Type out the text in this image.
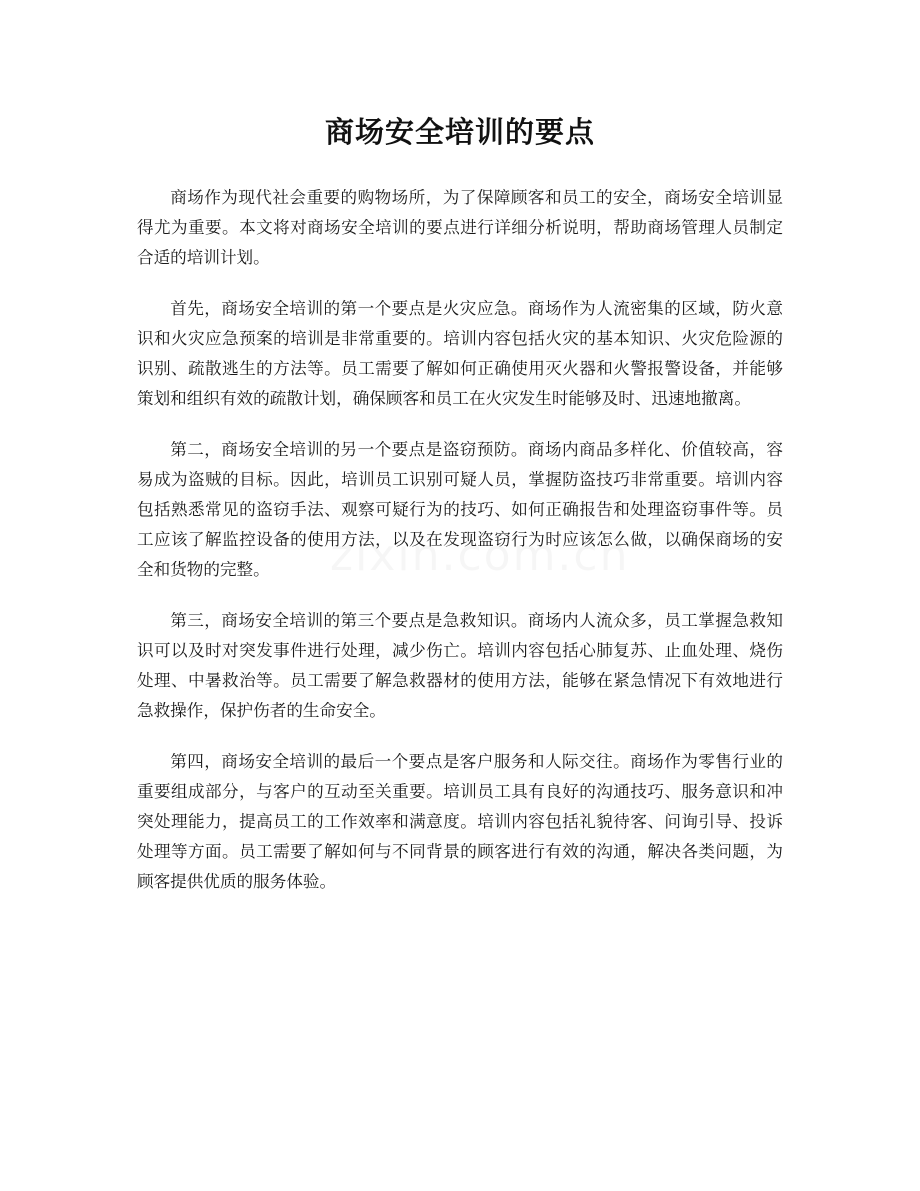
商场安全培训的要点

商场作为现代社会重要的购物场所，为了保障顾客和员工的安全，商场安全培训显得尤为重要。本文将对商场安全培训的要点进行详细分析说明，帮助商场管理人员制定合适的培训计划。

首先，商场安全培训的第一个要点是火灾应急。商场作为人流密集的区域，防火意识和火灾应急预案的培训是非常重要的。培训内容包括火灾的基本知识、火灾危险源的识别、疏散逃生的方法等。员工需要了解如何正确使用灭火器和火警报警设备，并能够策划和组织有效的疏散计划，确保顾客和员工在火灾发生时能够及时、迅速地撤离。

第二，商场安全培训的另一个要点是盗窃预防。商场内商品多样化、价值较高，容易成为盗贼的目标。因此，培训员工识别可疑人员，掌握防盗技巧非常重要。培训内容包括熟悉常见的盗窃手法、观察可疑行为的技巧、如何正确报告和处理盗窃事件等。员工应该了解监控设备的使用方法，以及在发现盗窃行为时应该怎么做，以确保商场的安全和货物的完整。

第三，商场安全培训的第三个要点是急救知识。商场内人流众多，员工掌握急救知识可以及时对突发事件进行处理，减少伤亡。培训内容包括心肺复苏、止血处理、烧伤处理、中暑救治等。员工需要了解急救器材的使用方法，能够在紧急情况下有效地进行急救操作，保护伤者的生命安全。

第四，商场安全培训的最后一个要点是客户服务和人际交往。商场作为零售行业的重要组成部分，与客户的互动至关重要。培训员工具有良好的沟通技巧、服务意识和冲突处理能力，提高员工的工作效率和满意度。培训内容包括礼貌待客、问询引导、投诉处理等方面。员工需要了解如何与不同背景的顾客进行有效的沟通，解决各类问题，为顾客提供优质的服务体验。
